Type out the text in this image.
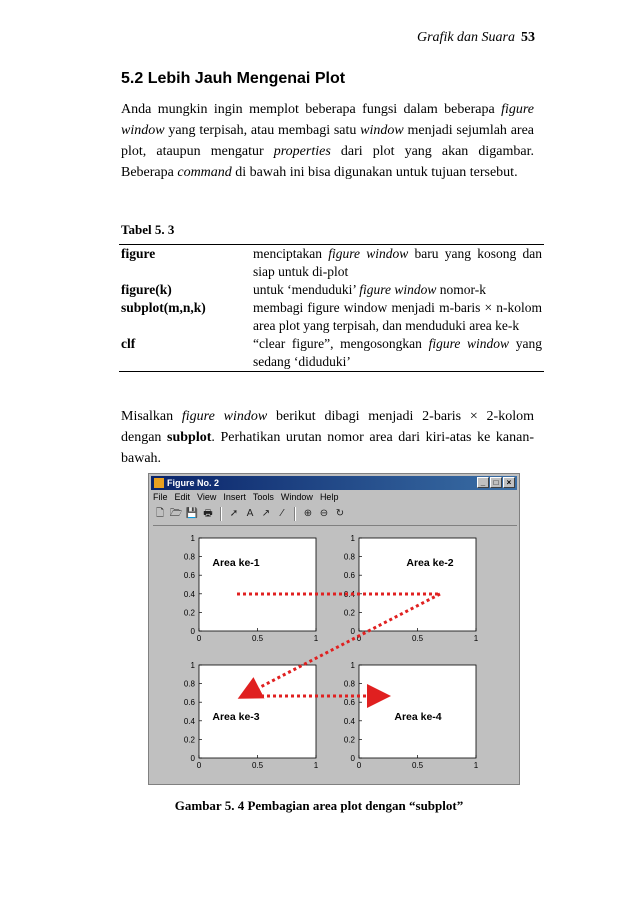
Grafik dan Suara 53
5.2 Lebih Jauh Mengenai Plot

Anda mungkin ingin memplot beberapa fungsi dalam beberapa figure window yang terpisah, atau membagi satu window menjadi sejumlah area plot, ataupun mengatur properties dari plot yang akan digambar. Beberapa command di bawah ini bisa digunakan untuk tujuan tersebut.

Tabel 5. 3
figure	menciptakan figure window baru yang kosong dan siap untuk di-plot
figure(k)	untuk ‘menduduki’ figure window nomor-k
subplot(m,n,k)	membagi figure window menjadi m-baris × n-kolom area plot yang terpisah, dan menduduki area ke-k
clf	“clear figure”, mengosongkan figure window yang sedang ‘diduduki’

Misalkan figure window berikut dibagi menjadi 2-baris × 2-kolom dengan subplot. Perhatikan urutan nomor area dari kiri-atas ke kanan-bawah.

Figure No. 2	_	□	×
File Edit View Insert Tools Window Help
🗋 🗁 💾 🖶 ➚ A ↗	⁄	⊕ ⊖ ↻
0
0.2
0.4
0.6
0.8
1
0	0.5	1
0
0.2
0.4
0.6
0.8
1
0	0.5	1
0
0.2
0.4
0.6
0.8
1
0	0.5	1
0
0.2
0.4
0.6
0.8
1
0	0.5	1
Area ke-1	Area ke-2
Area ke-3	Area ke-4
Gambar 5. 4 Pembagian area plot dengan “subplot”
